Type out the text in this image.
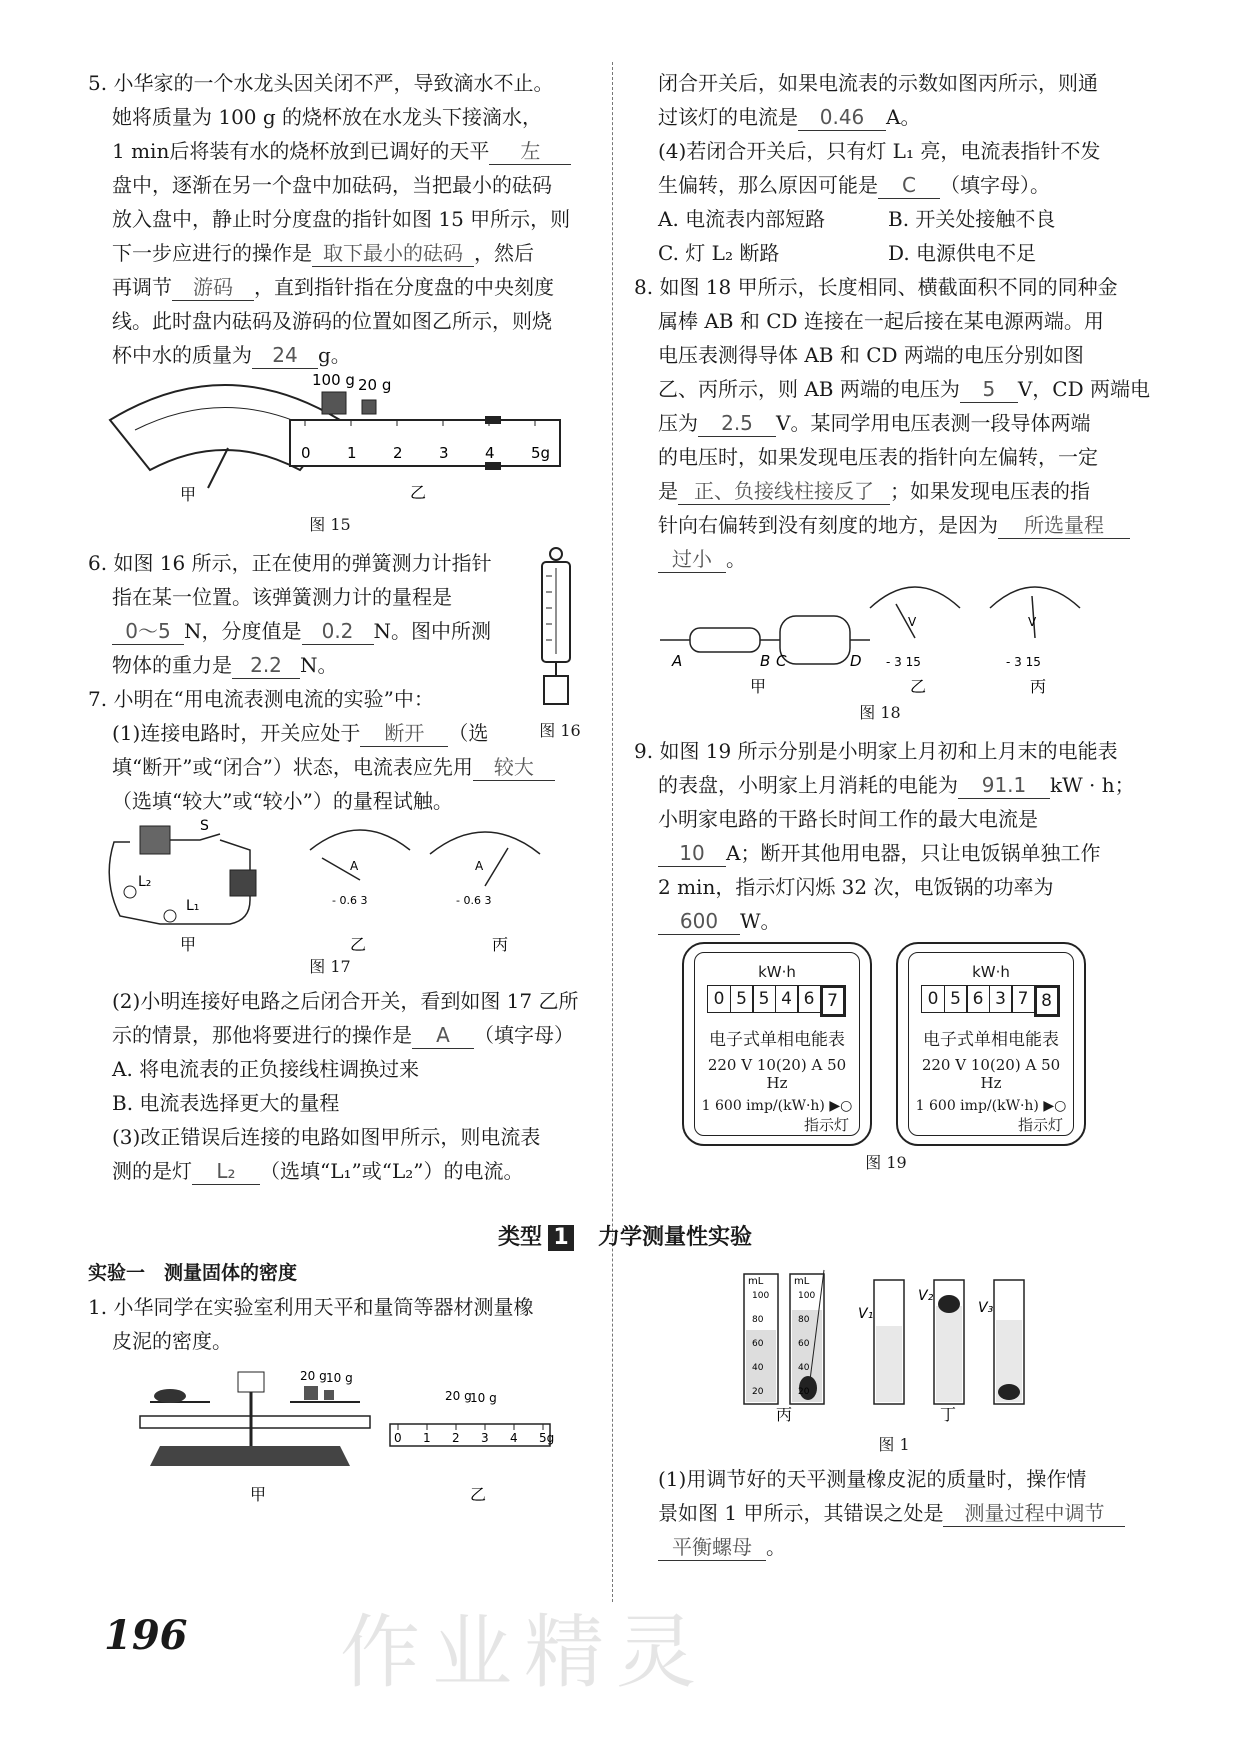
5. 小华家的一个水龙头因关闭不严，导致滴水不止。

她将质量为 100 g 的烧杯放在水龙头下接滴水，

1 min后将装有水的烧杯放到已调好的天平 左

盘中，逐渐在另一个盘中加砝码，当把最小的砝码

放入盘中，静止时分度盘的指针如图 15 甲所示，则

下一步应进行的操作是 取下最小的砝码 ，然后

再调节 游码 ，直到指针指在分度盘的中央刻度

线。此时盘内砝码及游码的位置如图乙所示，则烧

杯中水的质量为 24 g。

甲
100 g 20 g
0 1 2 3 4 5g
乙
图 15

6. 如图 16 所示，正在使用的弹簧测力计指针

指在某一位置。该弹簧测力计的量程是

0～5 N，分度值是 0.2 N。图中所测

物体的重力是 2.2 N。

图 16

7. 小明在“用电流表测电流的实验”中：

(1)连接电路时，开关应处于 断开 （选

填“断开”或“闭合”）状态，电流表应先用 较大

（选填“较大”或“较小”）的量程试触。

S
L₂
L₁
甲
A
- 0.6 3
乙
A
- 0.6 3
丙
图 17

(2)小明连接好电路之后闭合开关，看到如图 17 乙所

示的情景，那他将要进行的操作是 A （填字母）

A. 将电流表的正负接线柱调换过来

B. 电流表选择更大的量程

(3)改正错误后连接的电路如图甲所示，则电流表

测的是灯 L₂ （选填“L₁”或“L₂”）的电流。

闭合开关后，如果电流表的示数如图丙所示，则通

过该灯的电流是 0.46 A。

(4)若闭合开关后，只有灯 L₁ 亮，电流表指针不发

生偏转，那么原因可能是 C （填字母）。

A. 电流表内部短路	B. 开关处接触不良

C. 灯 L₂ 断路	D. 电源供电不足

8. 如图 18 甲所示，长度相同、横截面积不同的同种金

属棒 AB 和 CD 连接在一起后接在某电源两端。用

电压表测得导体 AB 和 CD 两端的电压分别如图

乙、丙所示，则 AB 两端的电压为 5 V，CD 两端电

压为 2.5 V。某同学用电压表测一段导体两端

的电压时，如果发现电压表的指针向左偏转，一定

是 正、负接线柱接反了 ；如果发现电压表的指

针向右偏转到没有刻度的地方，是因为 所选量程

过小 。

A	B C	D
甲
V
- 3 15
乙
V
- 3 15
丙
图 18

9. 如图 19 所示分别是小明家上月初和上月末的电能表

的表盘，小明家上月消耗的电能为 91.1 kW · h；

小明家电路的干路长时间工作的最大电流是

10 A；断开其他用电器，只让电饭锅单独工作

2 min，指示灯闪烁 32 次，电饭锅的功率为

600 W。

kW·h
0 5 5 4 6 7
电子式单相电能表
220 V 10(20) A 50 Hz
1 600 imp/(kW·h) ▶○
指示灯
kW·h
0 5 6 3 7 8
电子式单相电能表
220 V 10(20) A 50 Hz
1 600 imp/(kW·h) ▶○
指示灯
图 19
类型 1 力学测量性实验

实验一　测量固体的密度

1. 小华同学在实验室利用天平和量筒等器材测量橡

皮泥的密度。

20 g 10 g
甲
20 g
10 g
0 1 2 3 4 5g
乙
mL	mL
100	100
80	80
60	60
40	40
20	20
丙
V₁
V₂
V₃
丁
图 1

(1)用调节好的天平测量橡皮泥的质量时，操作情

景如图 1 甲所示，其错误之处是 测量过程中调节

平衡螺母 。

196 作业精灵
